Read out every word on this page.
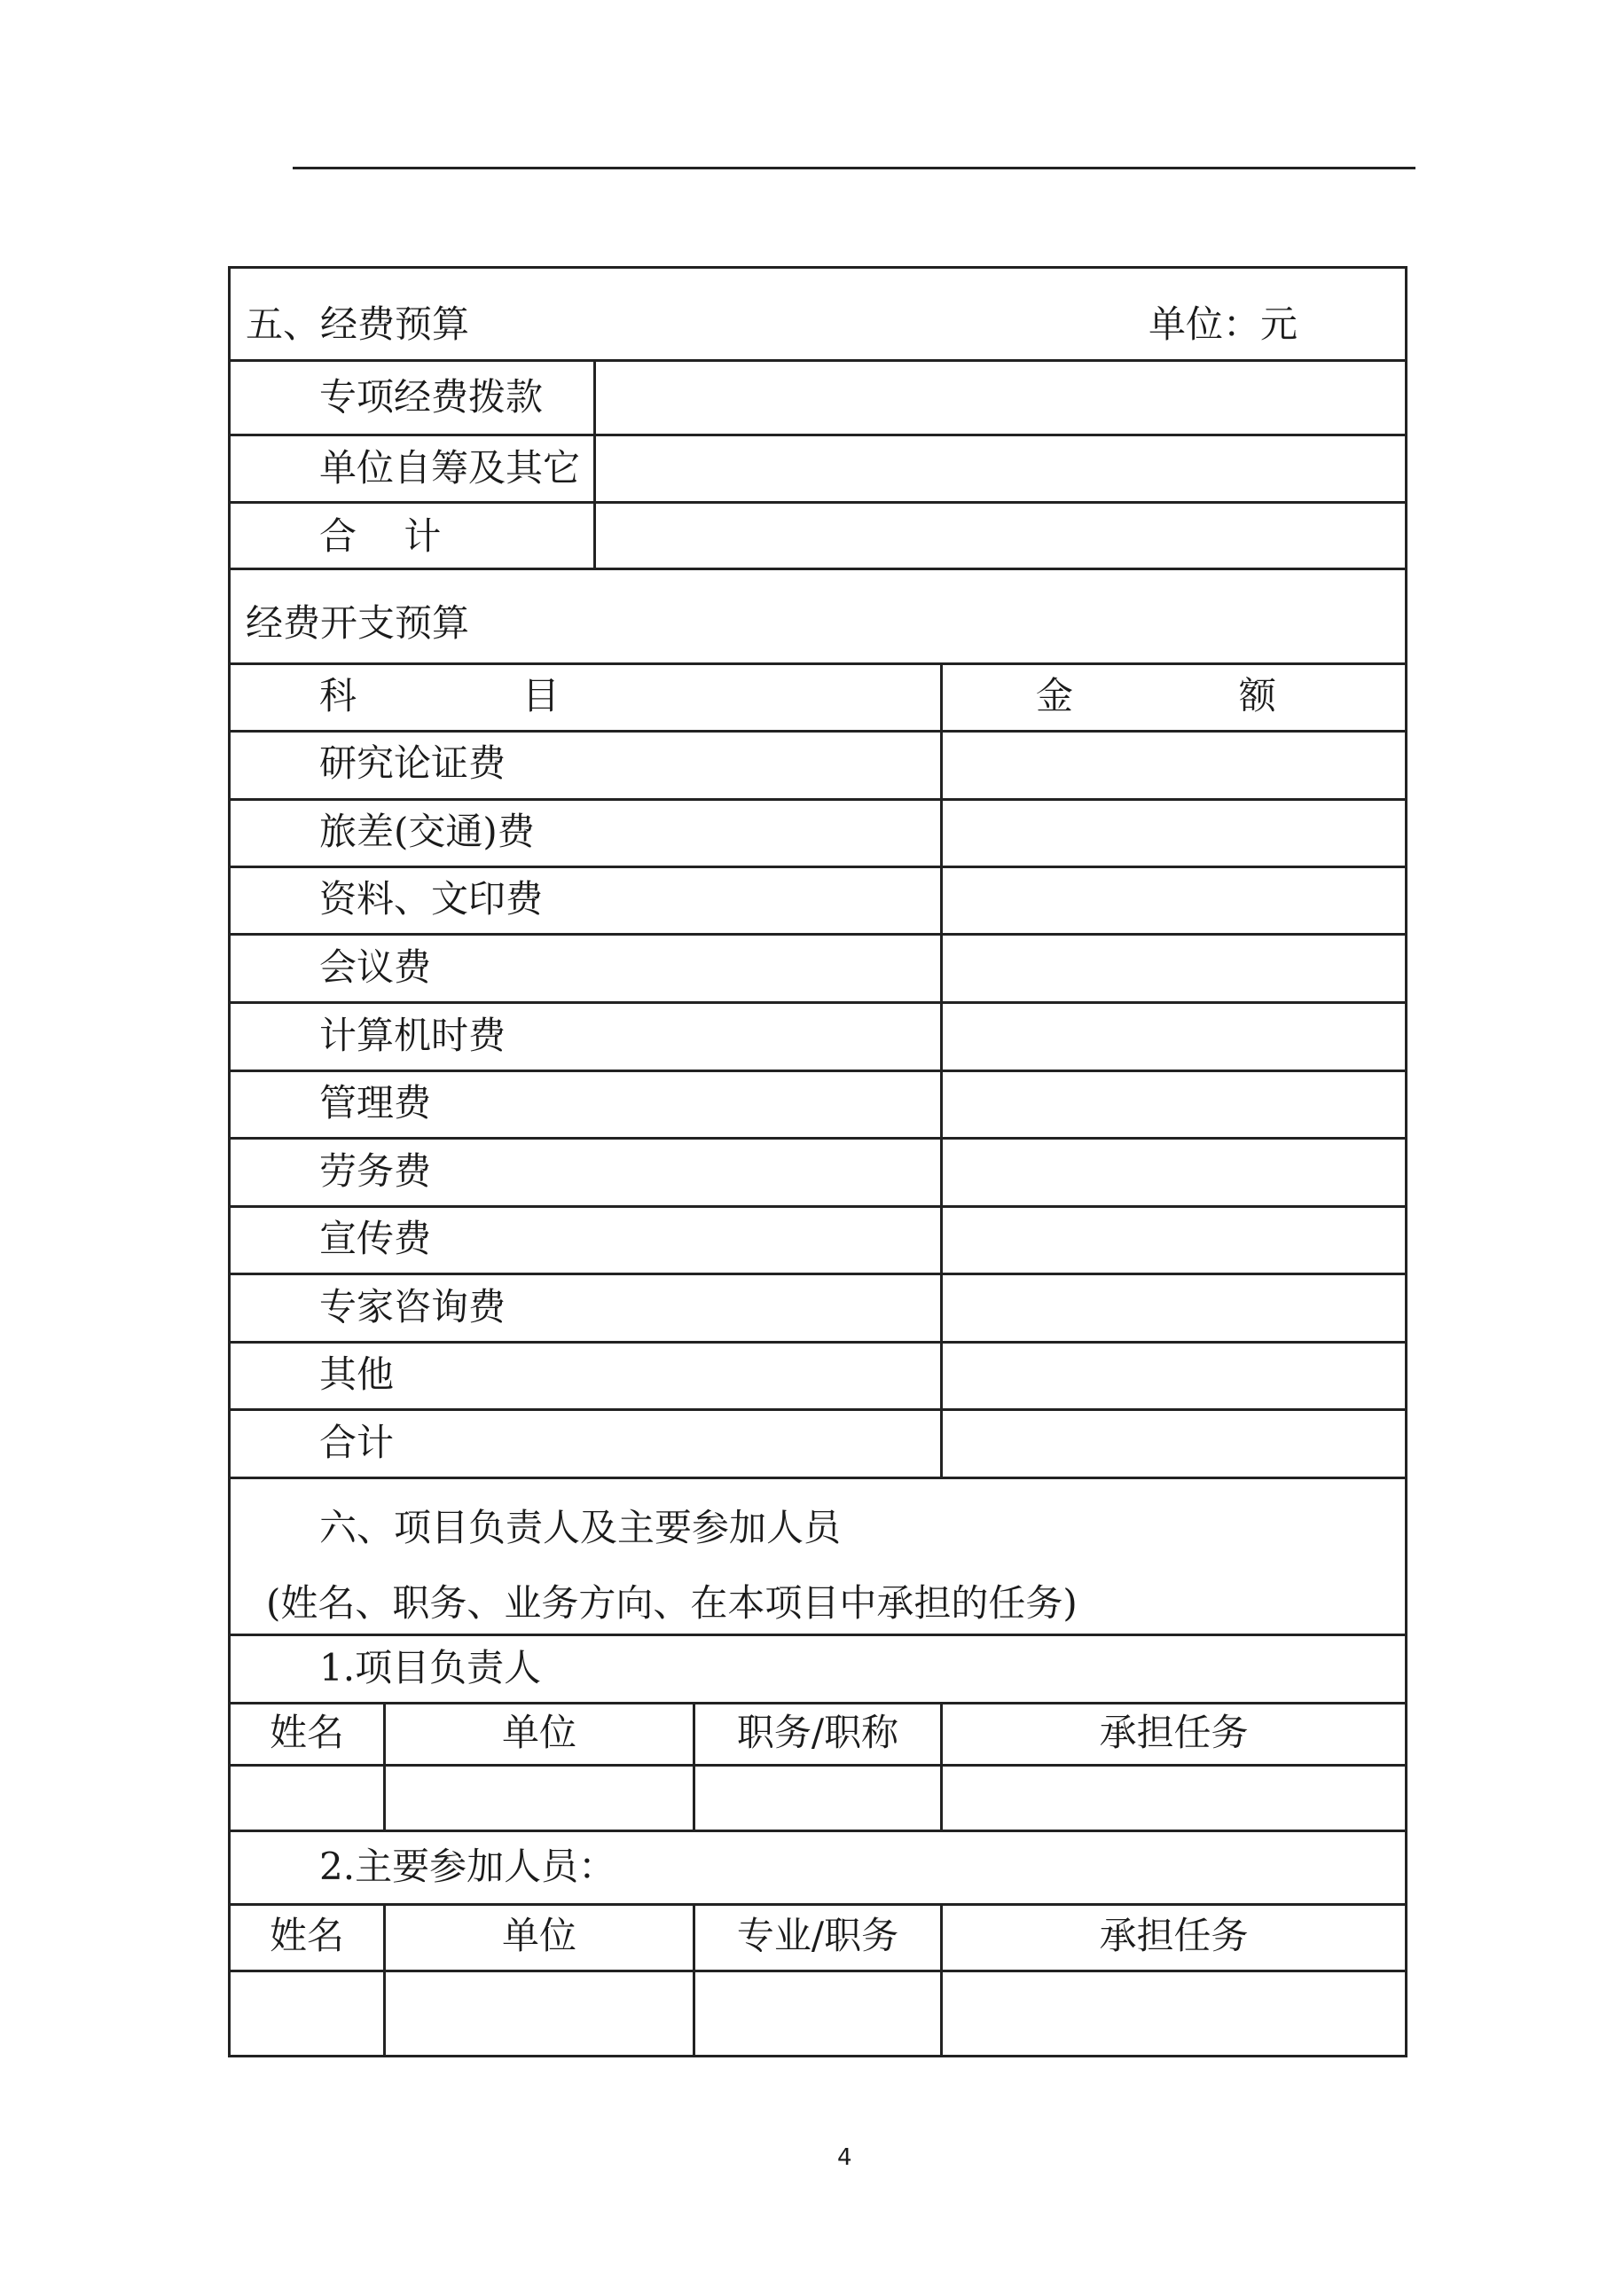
五、经费预算	单位：元
专项经费拨款
单位自筹及其它
合    计
经费开支预算
科              目	金              额
研究论证费
旅差(交通)费
资料、文印费
会议费
计算机时费
管理费
劳务费
宣传费
专家咨询费
其他
合计
六、项目负责人及主要参加人员
(姓名、职务、业务方向、在本项目中承担的任务)
1.项目负责人
姓名	单位	职务/职称	承担任务
2.主要参加人员：
姓名	单位	专业/职务	承担任务
4
